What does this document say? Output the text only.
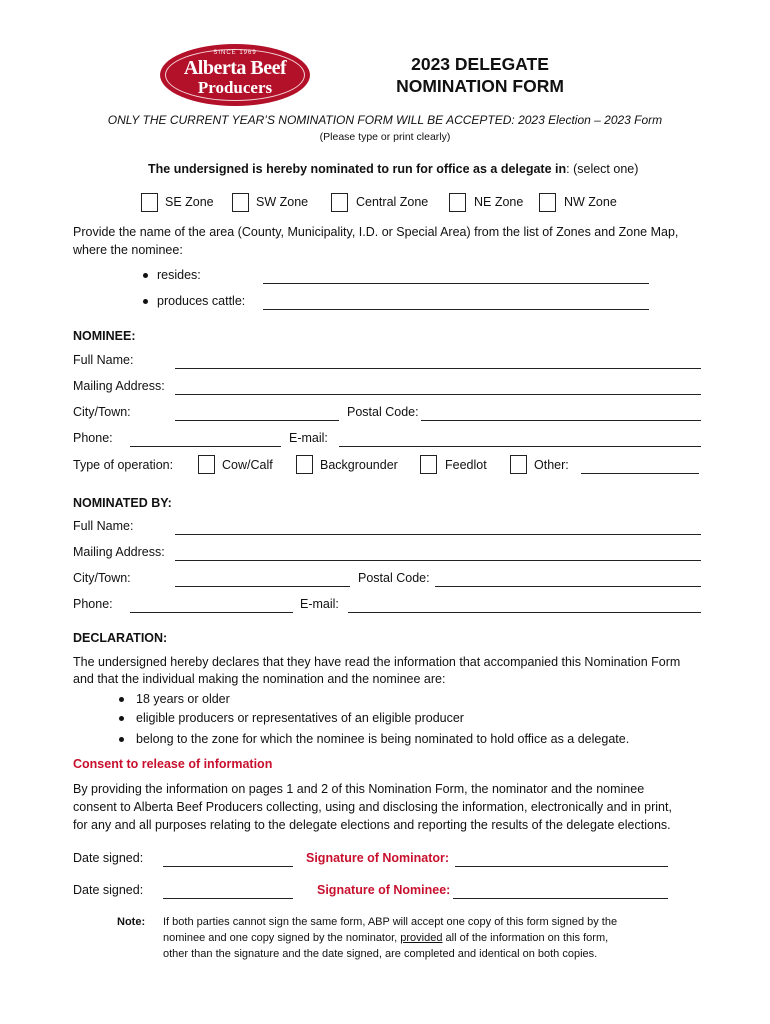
SINCE 1969
Alberta Beef
Producers
2023 DELEGATE
NOMINATION FORM
ONLY THE CURRENT YEAR’S NOMINATION FORM WILL BE ACCEPTED: 2023 Election – 2023 Form
(Please type or print clearly)
The undersigned is hereby nominated to run for office as a delegate in: (select one)
SE Zone	SW Zone	Central Zone	NE Zone	NW Zone
Provide the name of the area (County, Municipality, I.D. or Special Area) from the list of Zones and Zone Map, where the nominee:
resides:
produces cattle:
NOMINEE:
Full Name:
Mailing Address:
City/Town:	Postal Code:
Phone:	E-mail:
Type of operation:	Cow/Calf	Backgrounder	Feedlot	Other:
NOMINATED BY:
Full Name:
Mailing Address:
City/Town:	Postal Code:
Phone:	E-mail:
DECLARATION:
The undersigned hereby declares that they have read the information that accompanied this Nomination Form
and that the individual making the nomination and the nominee are:
18 years or older
eligible producers or representatives of an eligible producer
belong to the zone for which the nominee is being nominated to hold office as a delegate.
Consent to release of information
By providing the information on pages 1 and 2 of this Nomination Form, the nominator and the nominee
consent to Alberta Beef Producers collecting, using and disclosing the information, electronically and in print,
for any and all purposes relating to the delegate elections and reporting the results of the delegate elections.
Date signed:	Signature of Nominator:
Date signed:	Signature of Nominee:
Note: If both parties cannot sign the same form, ABP will accept one copy of this form signed by the
nominee and one copy signed by the nominator, provided all of the information on this form,
other than the signature and the date signed, are completed and identical on both copies.
